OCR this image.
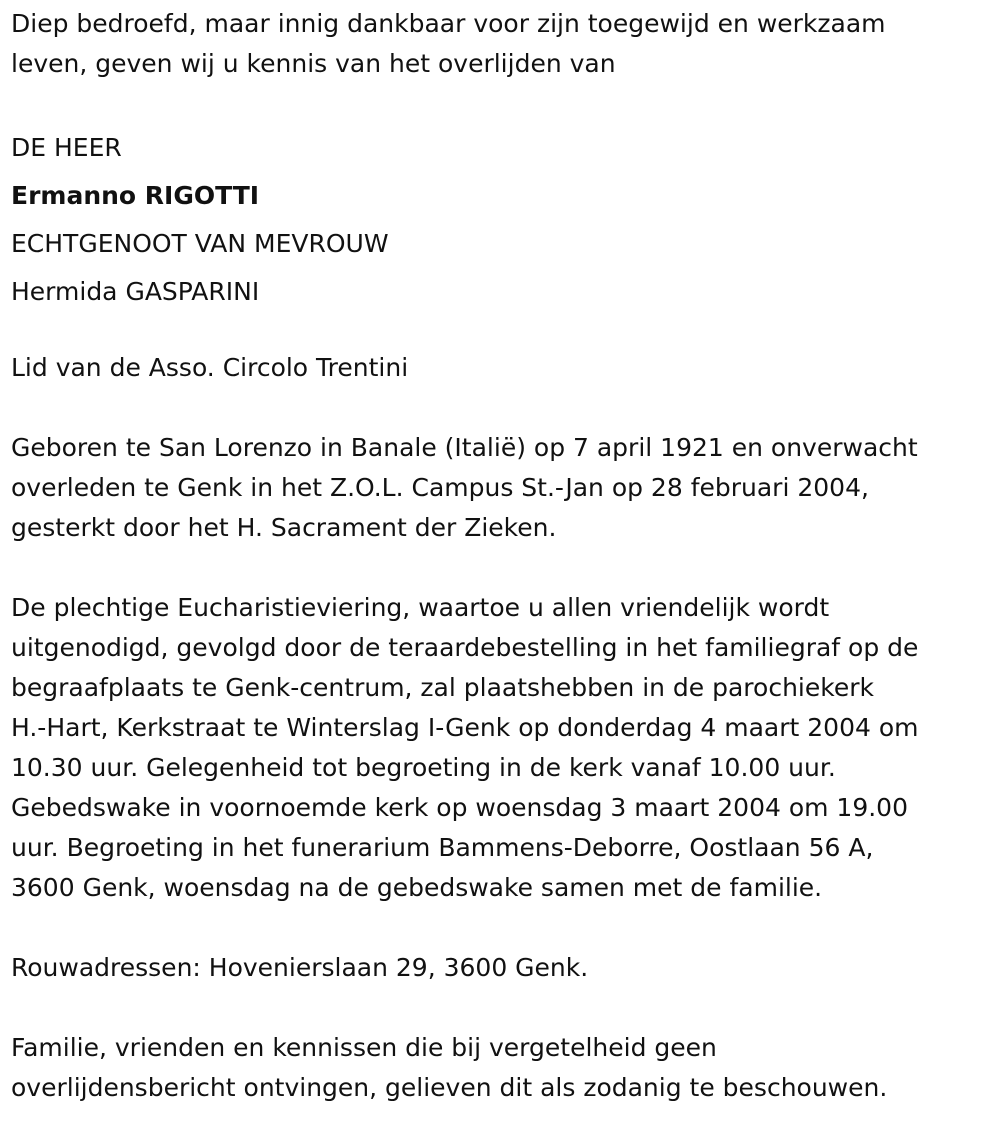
Diep bedroefd, maar innig dankbaar voor zijn toegewijd en werkzaam
leven, geven wij u kennis van het overlijden van

DE HEER
Ermanno RIGOTTI
ECHTGENOOT VAN MEVROUW
Hermida GASPARINI

Lid van de Asso. Circolo Trentini

Geboren te San Lorenzo in Banale (Italië) op 7 april 1921 en onverwacht
overleden te Genk in het Z.O.L. Campus St.-Jan op 28 februari 2004,
gesterkt door het H. Sacrament der Zieken.

De plechtige Eucharistieviering, waartoe u allen vriendelijk wordt
uitgenodigd, gevolgd door de teraardebestelling in het familiegraf op de
begraafplaats te Genk-centrum, zal plaatshebben in de parochiekerk
H.-Hart, Kerkstraat te Winterslag I-Genk op donderdag 4 maart 2004 om
10.30 uur. Gelegenheid tot begroeting in de kerk vanaf 10.00 uur.
Gebedswake in voornoemde kerk op woensdag 3 maart 2004 om 19.00
uur. Begroeting in het funerarium Bammens-Deborre, Oostlaan 56 A,
3600 Genk, woensdag na de gebedswake samen met de familie.

Rouwadressen: Hovenierslaan 29, 3600 Genk.

Familie, vrienden en kennissen die bij vergetelheid geen
overlijdensbericht ontvingen, gelieven dit als zodanig te beschouwen.
